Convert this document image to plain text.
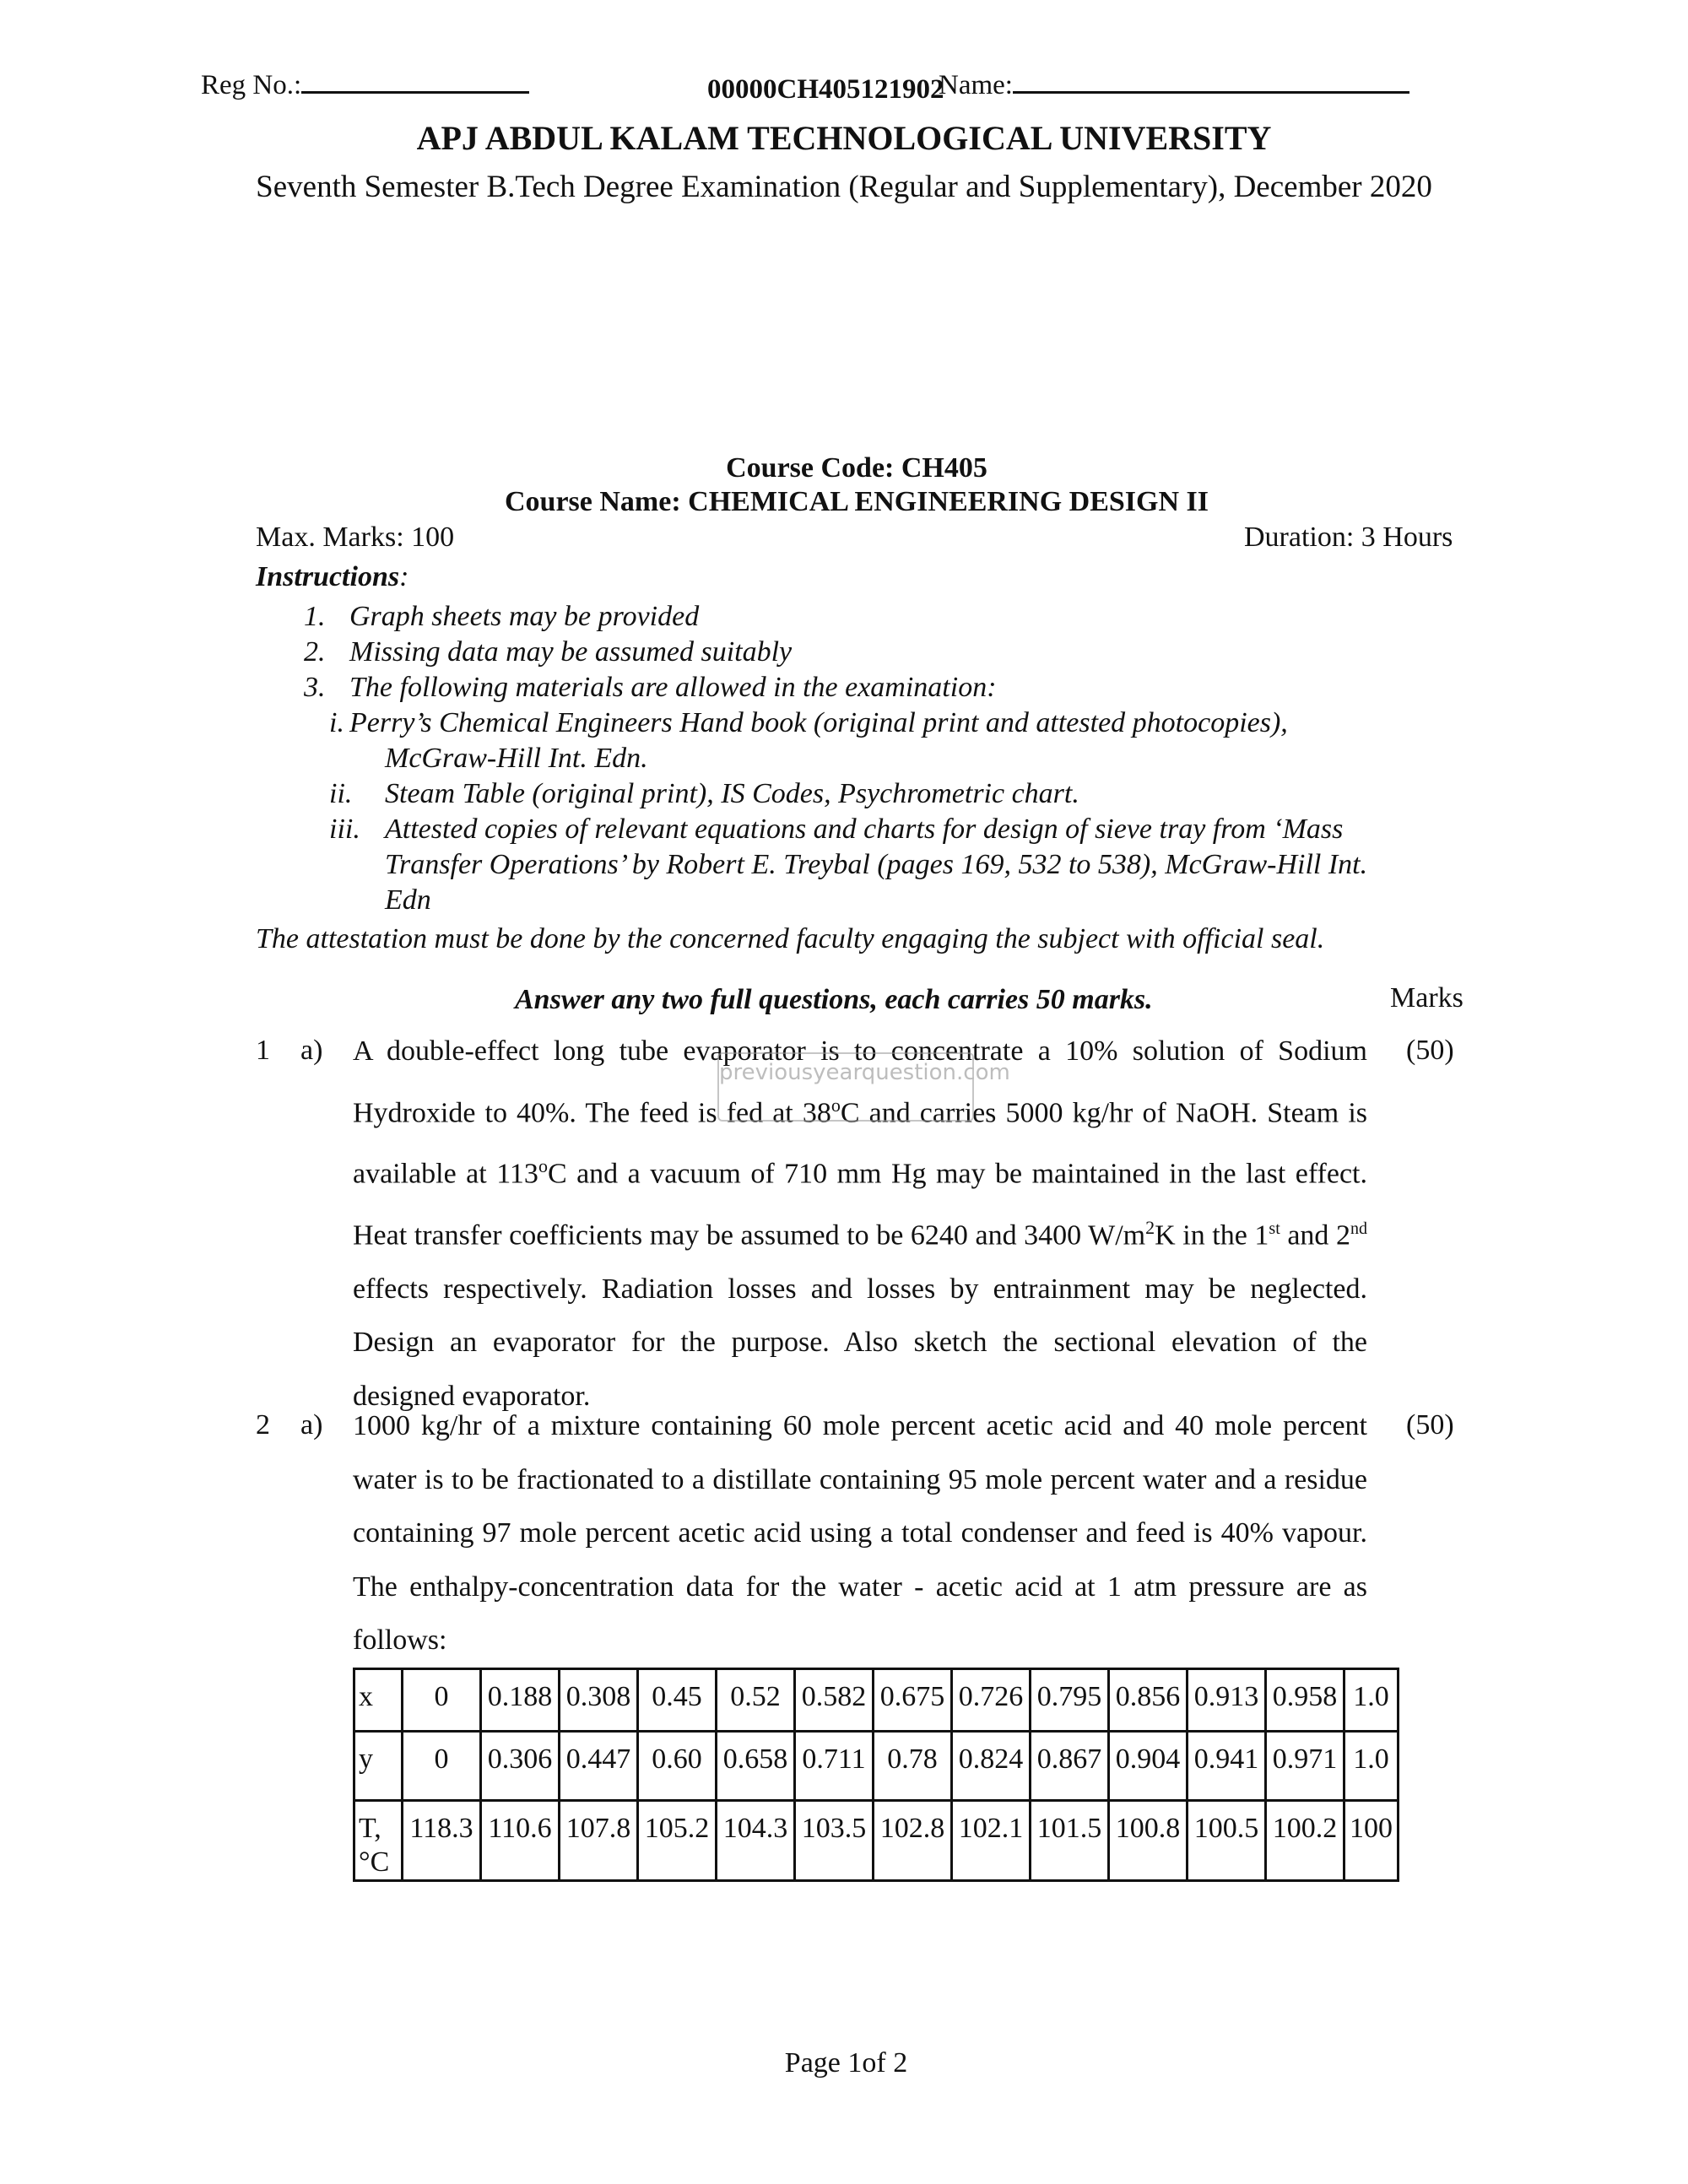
Reg No.:	00000CH405121902
Name:
APJ ABDUL KALAM TECHNOLOGICAL UNIVERSITY
Seventh Semester B.Tech Degree Examination (Regular and Supplementary), December 2020
Course Code: CH405
Course Name: CHEMICAL ENGINEERING DESIGN II
Max. Marks: 100	Duration: 3 Hours
Instructions:
1. Graph sheets may be provided
2. Missing data may be assumed suitably
3. The following materials are allowed in the examination:
i. Perry’s Chemical Engineers Hand book (original print and attested photocopies),
McGraw-Hill Int. Edn.
ii. Steam Table (original print), IS Codes, Psychrometric chart.
iii. Attested copies of relevant equations and charts for design of sieve tray from ‘Mass
Transfer Operations’ by Robert E. Treybal (pages 169, 532 to 538), McGraw-Hill Int.
Edn
The attestation must be done by the concerned faculty engaging the subject with official seal.
Answer any two full questions, each carries 50 marks.	Marks
1 a)	(50)
A double-effect long tube evaporator is to concentrate a 10% solution of Sodium Hydroxide to 40%. The feed is fed at 38$^o$C and carries 5000 kg/hr of NaOH. Steam is available at 113$^o$C and a vacuum of 710 mm Hg may be maintained in the last effect. Heat transfer coefficients may be assumed to be 6240 and 3400 $W/m^2K$ in the 1st and 2nd effects respectively. Radiation losses and losses by entrainment may be neglected. Design an evaporator for the purpose. Also sketch the sectional elevation of the designed evaporator.
previousyearquestion.com
2 a)	(50)
1000 kg/hr of a mixture containing 60 mole percent acetic acid and 40 mole percent water is to be fractionated to a distillate containing 95 mole percent water and a residue containing 97 mole percent acetic acid using a total condenser and feed is 40% vapour. The enthalpy-concentration data for the water - acetic acid at 1 atm pressure are as follows:
x	0	0.188	0.308	0.45	0.52	0.582	0.675	0.726	0.795	0.856	0.913	0.958	1.0
y	0	0.306	0.447	0.60	0.658	0.711	0.78	0.824	0.867	0.904	0.941	0.971	1.0
T, °C	118.3	110.6	107.8	105.2	104.3	103.5	102.8	102.1	101.5	100.8	100.5	100.2	100
Page 1of 2
